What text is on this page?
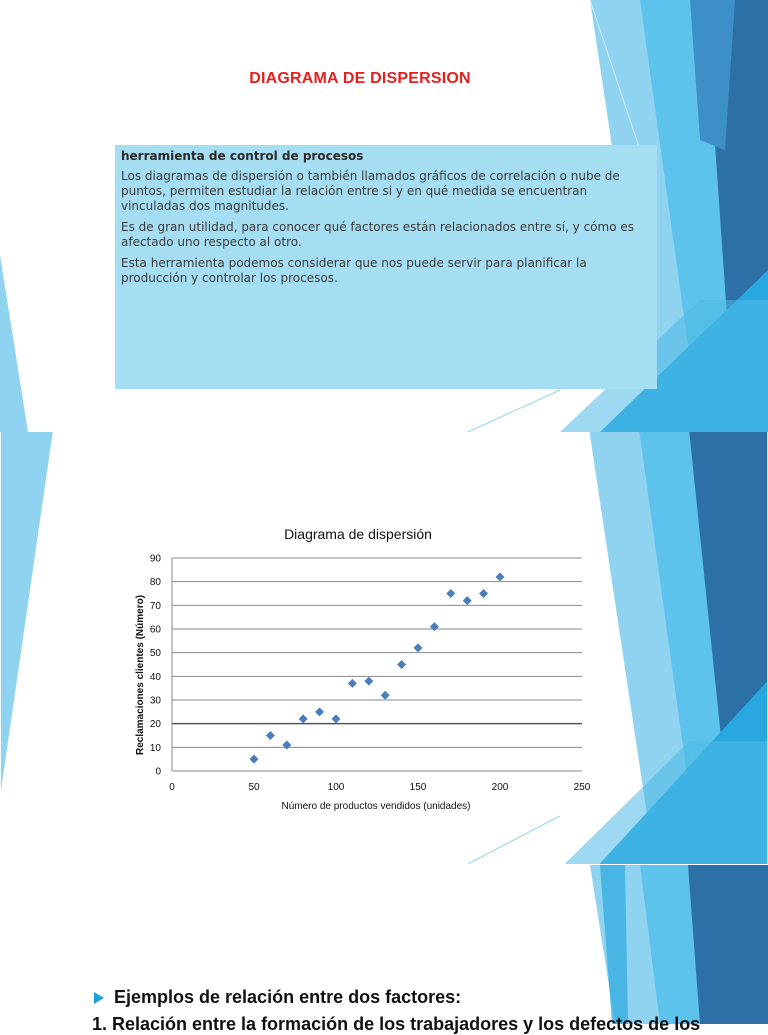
DIAGRAMA DE DISPERSION
herramienta de control de procesos

Los diagramas de dispersión o también llamados gráficos de correlación o nube de puntos, permiten estudiar la relación entre si y en qué medida se encuentran vinculadas dos magnitudes.

Es de gran utilidad, para conocer qué factores están relacionados entre sí, y cómo es afectado uno respecto al otro.

Esta herramienta podemos considerar que nos puede servir para planificar la producción y controlar los procesos.

Diagrama de dispersión
0
10
20
30
40
50
60
70
80
90
0	50	100	150	200	250
Número de productos vendidos (unidades)
Reclamaciones clientes (Número)
Ejemplos de relación entre dos factores:
1. Relación entre la formación de los trabajadores y los defectos de los
